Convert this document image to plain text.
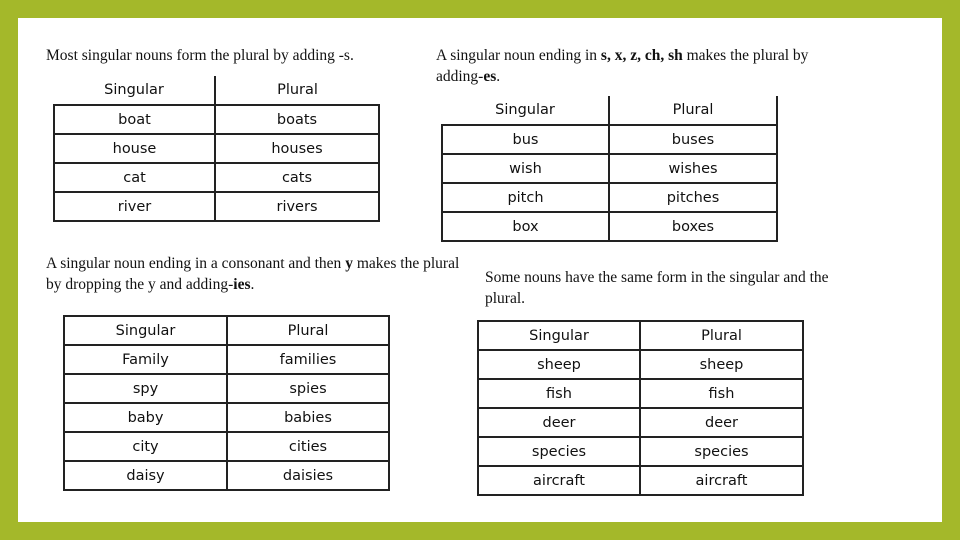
Most singular nouns form the plural by adding -s.

Singular	Plural
boat	boats
house	houses
cat	cats
river	rivers

A singular noun ending in s, x, z, ch, sh makes the plural by adding-es.

Singular	Plural
bus	buses
wish	wishes
pitch	pitches
box	boxes

A singular noun ending in a consonant and then y makes the plural by dropping the y and adding-ies.

Singular	Plural
Family	families
spy	spies
baby	babies
city	cities
daisy	daisies

Some nouns have the same form in the singular and the plural.

Singular	Plural
sheep	sheep
fish	fish
deer	deer
species	species
aircraft	aircraft
